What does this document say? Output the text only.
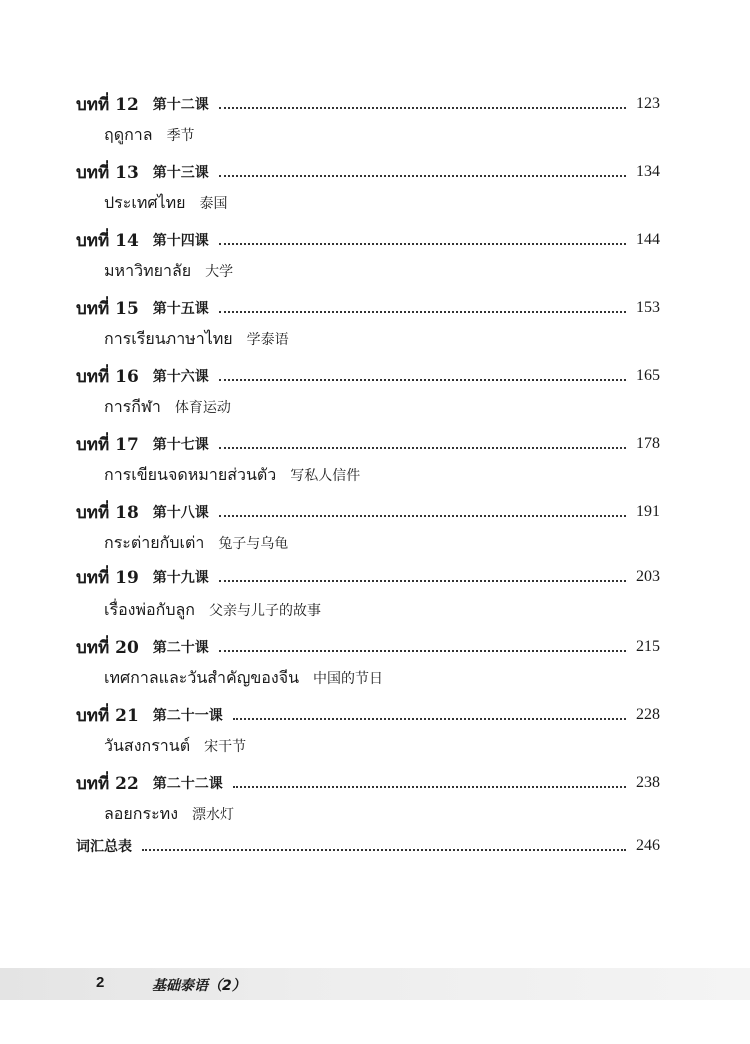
บทที่ 12 第十二课	123
ฤดูกาล 季节
บทที่ 13 第十三课	134
ประเทศไทย 泰国
บทที่ 14 第十四课	144
มหาวิทยาลัย 大学
บทที่ 15 第十五课	153
การเรียนภาษาไทย 学泰语
บทที่ 16 第十六课	165
การกีฬา 体育运动
บทที่ 17 第十七课	178
การเขียนจดหมายส่วนตัว 写私人信件
บทที่ 18 第十八课	191
กระต่ายกับเต่า 兔子与乌龟
บทที่ 19 第十九课	203
เรื่องพ่อกับลูก 父亲与儿子的故事
บทที่ 20 第二十课	215
เทศกาลและวันสำคัญของจีน 中国的节日
บทที่ 21 第二十一课	228
วันสงกรานต์ 宋干节
บทที่ 22 第二十二课	238
ลอยกระทง 漂水灯
词汇总表	246
2	基础泰语（2）
